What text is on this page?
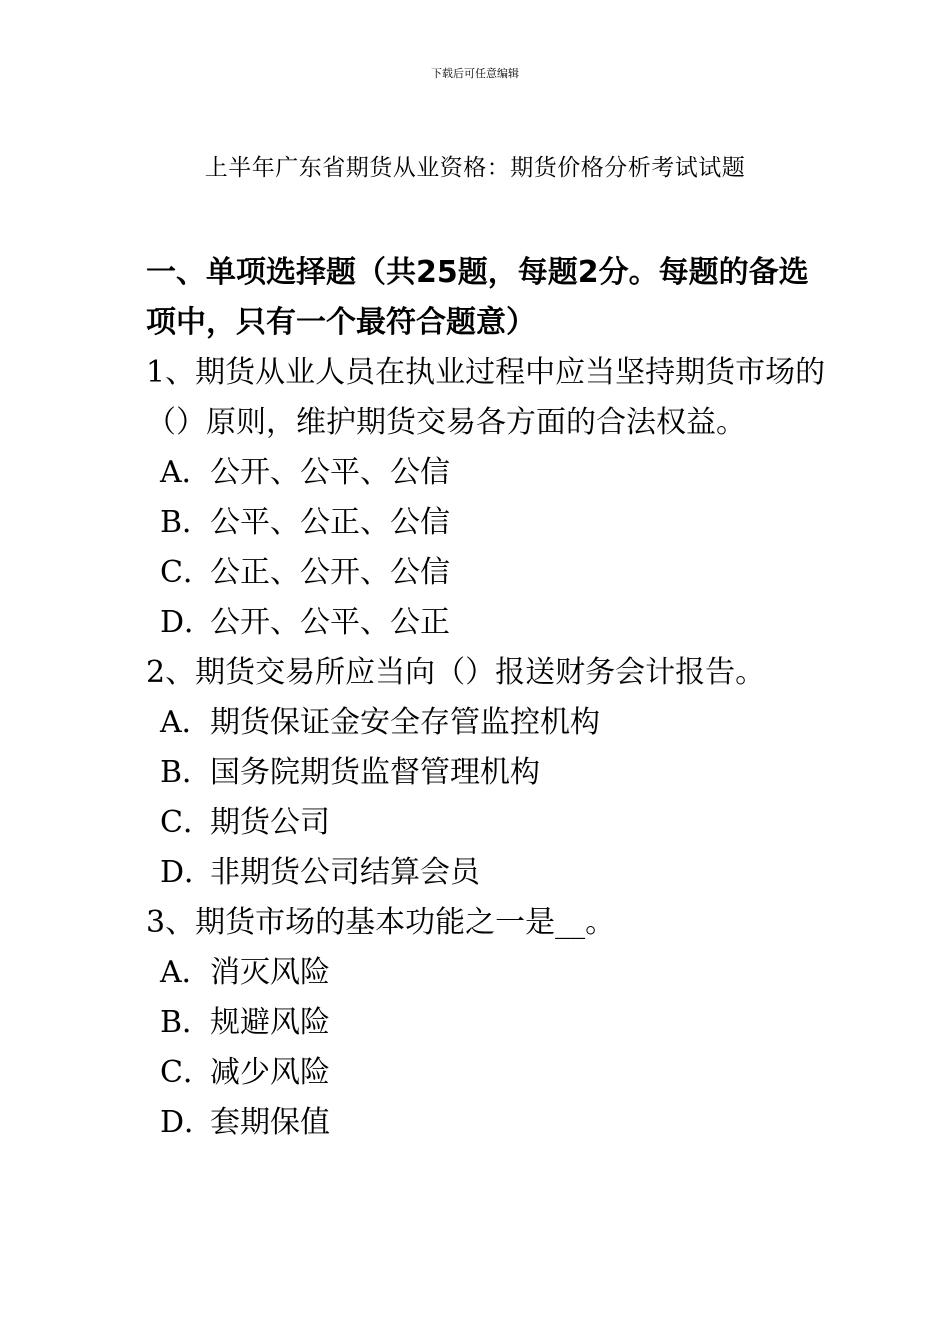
下载后可任意编辑
上半年广东省期货从业资格：期货价格分析考试试题

一、单项选择题（共25题，每题2分。每题的备选项中，只有一个最符合题意）

1、期货从业人员在执业过程中应当坚持期货市场的（）原则，维护期货交易各方面的合法权益。

A．公开、公平、公信
B．公平、公正、公信
C．公正、公开、公信
D．公开、公平、公正

2、期货交易所应当向（）报送财务会计报告。

A．期货保证金安全存管监控机构
B．国务院期货监督管理机构
C．期货公司
D．非期货公司结算会员

3、期货市场的基本功能之一是__。

A．消灭风险
B．规避风险
C．减少风险
D．套期保值
